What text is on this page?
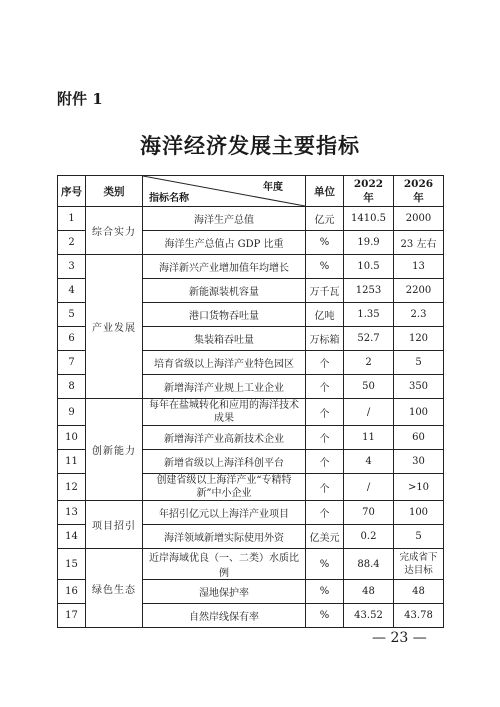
附件 1
海洋经济发展主要指标
序号	类别	年度
指标名称	单位	2022 年	2026 年
1	综合实力	海洋生产总值	亿元	1410.5	2000
2		海洋生产总值占 GDP 比重	%	19.9	23 左右
3	产业发展	海洋新兴产业增加值年均增长	%	10.5	13
4		新能源装机容量	万千瓦	1253	2200
5		港口货物吞吐量	亿吨	1.35	2.3
6		集装箱吞吐量	万标箱	52.7	120
7		培育省级以上海洋产业特色园区	个	2	5
8		新增海洋产业规上工业企业	个	50	350
9	创新能力	每年在盐城转化和应用的海洋技术成果	个	/	100
10		新增海洋产业高新技术企业	个	11	60
11		新增省级以上海洋科创平台	个	4	30
12		创建省级以上海洋产业“专精特新”中小企业	个	/	>10
13	项目招引	年招引亿元以上海洋产业项目	个	70	100
14		海洋领域新增实际使用外资	亿美元	0.2	5
15	绿色生态	近岸海域优良（一、二类）水质比例	%	88.4	完成省下达目标
16		湿地保护率	%	48	48
17		自然岸线保有率	%	43.52	43.78
— 23 —
